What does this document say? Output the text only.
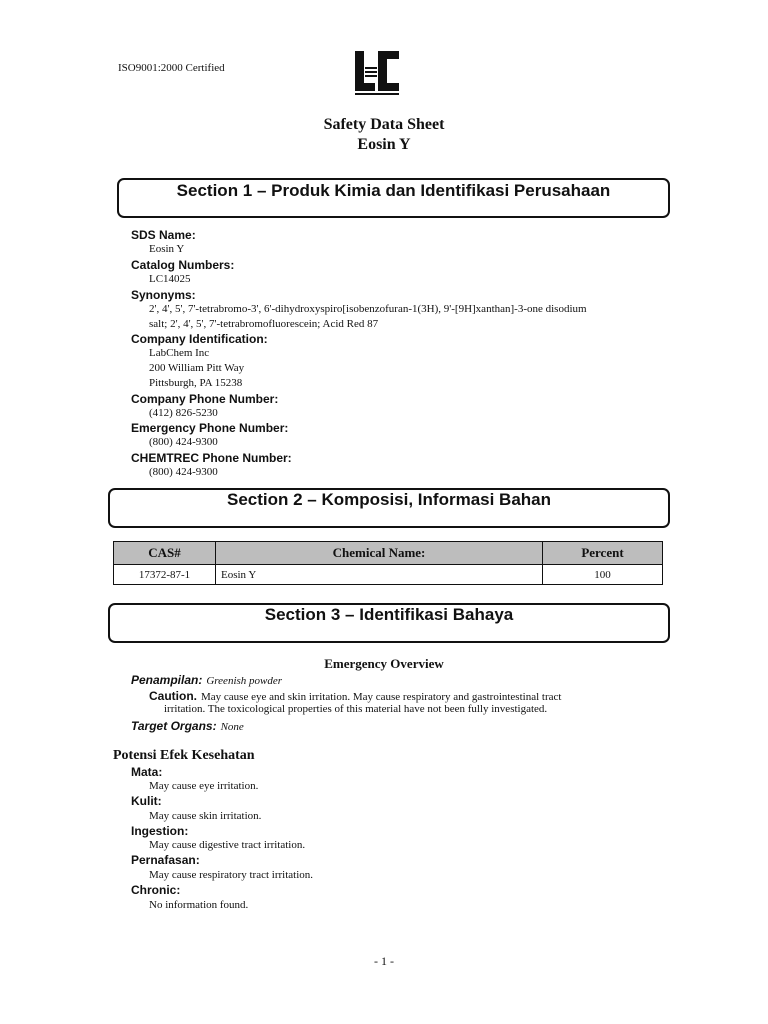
ISO9001:2000 Certified
Safety Data Sheet
Eosin Y
Section 1 – Produk Kimia dan Identifikasi Perusahaan
SDS Name:
Eosin Y
Catalog Numbers:
LC14025
Synonyms:
2', 4', 5', 7'-tetrabromo-3', 6'-dihydroxyspiro[isobenzofuran-1(3H), 9'-[9H]xanthan]-3-one disodium
salt; 2', 4', 5', 7'-tetrabromofluorescein; Acid Red 87
Company Identification:
LabChem Inc
200 William Pitt Way
Pittsburgh, PA 15238
Company Phone Number:
(412) 826-5230
Emergency Phone Number:
(800) 424-9300
CHEMTREC Phone Number:
(800) 424-9300
Section 2 – Komposisi, Informasi Bahan
CAS#	Chemical Name:	Percent
17372-87-1	Eosin Y	100
Section 3 – Identifikasi Bahaya
Emergency Overview
Penampilan: Greenish powder
Caution. May cause eye and skin irritation. May cause respiratory and gastrointestinal tract
irritation. The toxicological properties of this material have not been fully investigated.
Target Organs: None
Potensi Efek Kesehatan
Mata:
May cause eye irritation.
Kulit:
May cause skin irritation.
Ingestion:
May cause digestive tract irritation.
Pernafasan:
May cause respiratory tract irritation.
Chronic:
No information found.
- 1 -
